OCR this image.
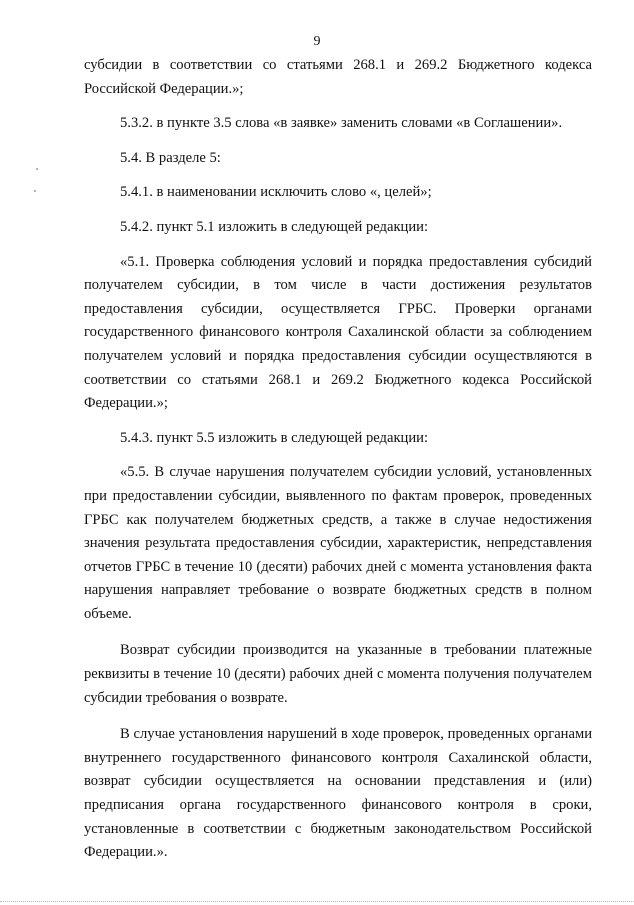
9

субсидии в соответствии со статьями 268.1 и 269.2 Бюджетного кодекса Российской Федерации.»;

5.3.2. в пункте 3.5 слова «в заявке» заменить словами «в Соглашении».

5.4. В разделе 5:

5.4.1. в наименовании исключить слово «, целей»;

5.4.2. пункт 5.1 изложить в следующей редакции:

«5.1. Проверка соблюдения условий и порядка предоставления субсидий получателем субсидии, в том числе в части достижения результатов предоставления субсидии, осуществляется ГРБС. Проверки органами государственного финансового контроля Сахалинской области за соблюдением получателем условий и порядка предоставления субсидии осуществляются в соответствии со статьями 268.1 и 269.2 Бюджетного кодекса Российской Федерации.»;

5.4.3. пункт 5.5 изложить в следующей редакции:

«5.5. В случае нарушения получателем субсидии условий, установленных при предоставлении субсидии, выявленного по фактам проверок, проведенных ГРБС как получателем бюджетных средств, а также в случае недостижения значения результата предоставления субсидии, характеристик, непредставления отчетов ГРБС в течение 10 (десяти) рабочих дней с момента установления факта нарушения направляет требование о возврате бюджетных средств в полном объеме.

Возврат субсидии производится на указанные в требовании платежные реквизиты в течение 10 (десяти) рабочих дней с момента получения получателем субсидии требования о возврате.

В случае установления нарушений в ходе проверок, проведенных органами внутреннего государственного финансового контроля Сахалинской области, возврат субсидии осуществляется на основании представления и (или) предписания органа государственного финансового контроля в сроки, установленные в соответствии с бюджетным законодательством Российской Федерации.».
